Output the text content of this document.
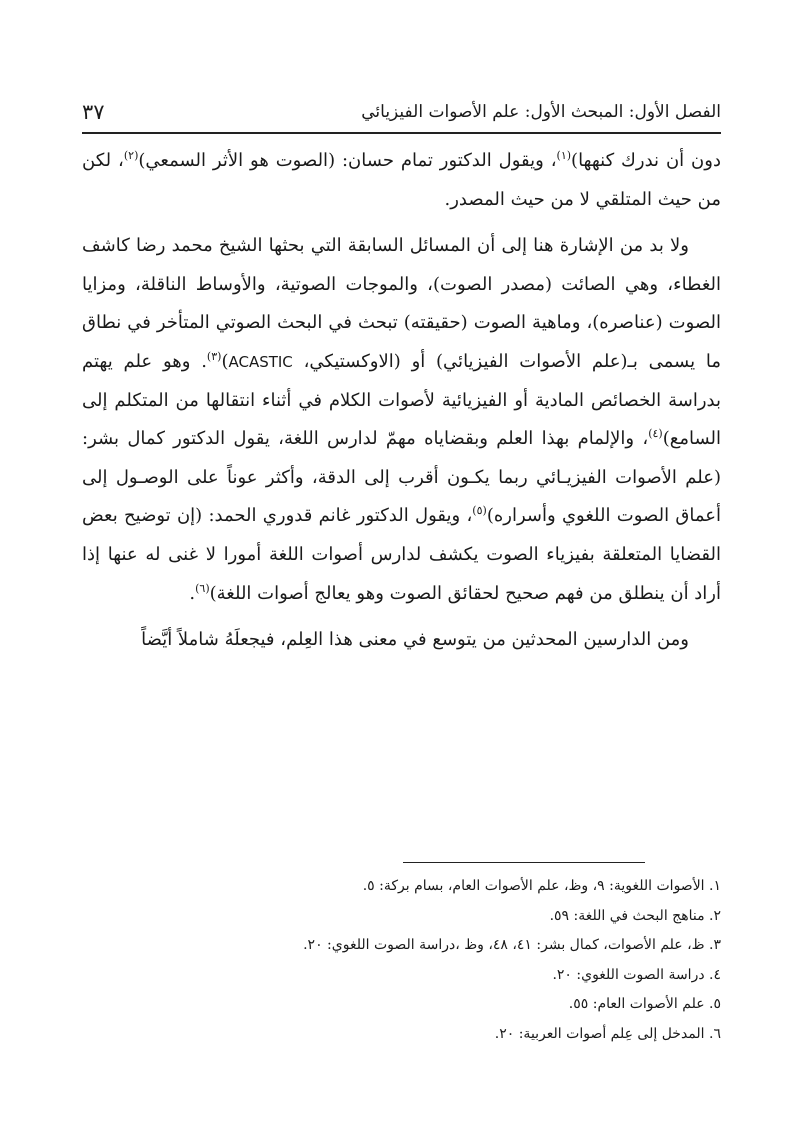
الفصل الأول: المبحث الأول: علم الأصوات الفيزيائي
٣٧

دون أن ندرك كنهها)$^{(١)}$، ويقول الدكتور تمام حسان: (الصوت هو الأثر السمعي)$^{(٢)}$، لكن من حيث المتلقي لا من حيث المصدر.

ولا بد من الإشارة هنا إلى أن المسائل السابقة التي بحثها الشيخ محمد رضا كاشف الغطاء، وهي الصائت (مصدر الصوت)، والموجات الصوتية، والأوساط الناقلة، ومزايا الصوت (عناصره)، وماهية الصوت (حقيقته) تبحث في البحث الصوتي المتأخر في نطاق ما يسمى بـ(علم الأصوات الفيزيائي) أو (الاوكستيكي، ACASTIC)$^{(٣)}$. وهو علم يهتم بدراسة الخصائص المادية أو الفيزيائية لأصوات الكلام في أثناء انتقالها من المتكلم إلى السامع)$^{(٤)}$، والإلمام بهذا العلم وبقضاياه مهمّ لدارس اللغة، يقول الدكتور كمال بشر: (علم الأصوات الفيزيـائي ربما يكـون أقرب إلى الدقة، وأكثر عوناً على الوصـول إلى أعماق الصوت اللغوي وأسراره)$^{(٥)}$، ويقول الدكتور غانم قدوري الحمد: (إن توضيح بعض القضايا المتعلقة بفيزياء الصوت يكشف لدارس أصوات اللغة أمورا لا غنى له عنها إذا أراد أن ينطلق من فهم صحيح لحقائق الصوت وهو يعالج أصوات اللغة)$^{(٦)}$.

ومن الدارسين المحدثين من يتوسع في معنى هذا العِلم، فيجعلَهُ شاملاً أيَّضاً

١. الأصوات اللغوية: ٩، وظ، علم الأصوات العام، بسام بركة: ٥.
٢. مناهج البحث في اللغة: ٥٩.
٣. ظ، علم الأصوات، كمال بشر: ٤١، ٤٨، وظ ،دراسة الصوت اللغوي: ٢٠.
٤. دراسة الصوت اللغوي: ٢٠.
٥. علم الأصوات العام: ٥٥.
٦. المدخل إلى عِلم أصوات العربية: ٢٠.
